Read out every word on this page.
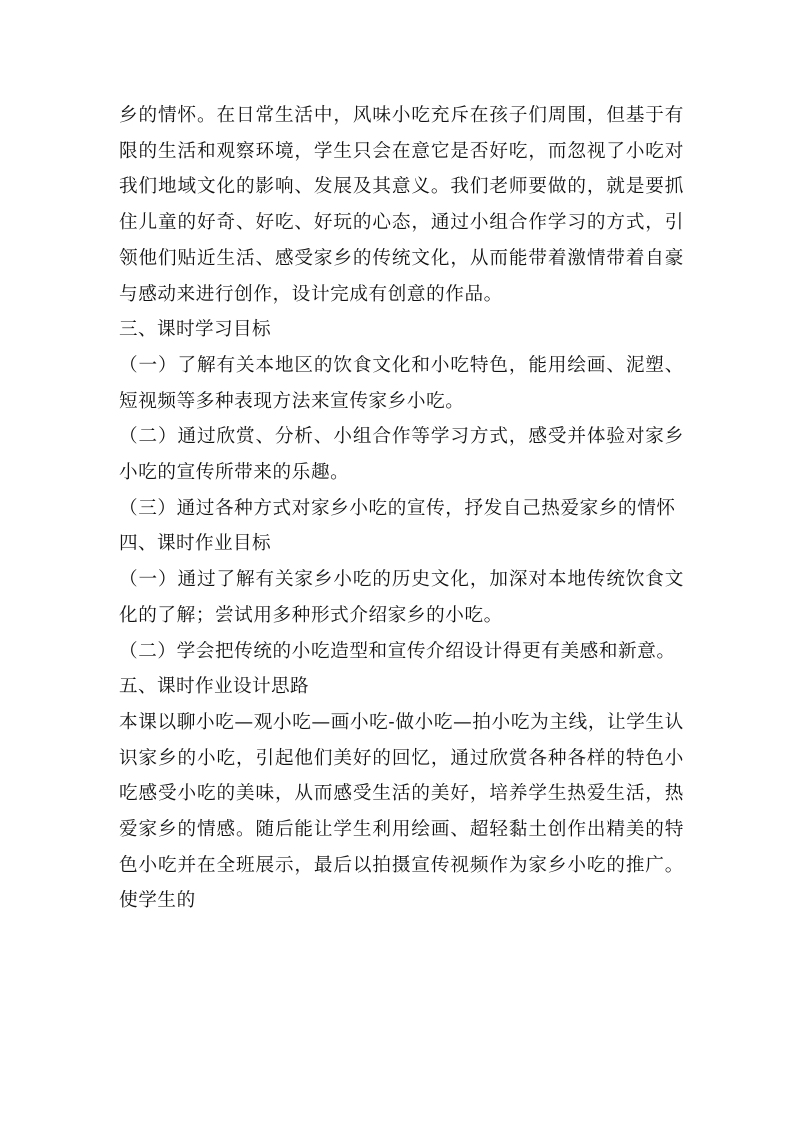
乡的情怀。在日常生活中，风味小吃充斥在孩子们周围，但基于有限的生活和观察环境，学生只会在意它是否好吃，而忽视了小吃对我们地域文化的影响、发展及其意义。我们老师要做的，就是要抓住儿童的好奇、好吃、好玩的心态，通过小组合作学习的方式，引领他们贴近生活、感受家乡的传统文化，从而能带着激情带着自豪与感动来进行创作，设计完成有创意的作品。

三、课时学习目标

（一）了解有关本地区的饮食文化和小吃特色，能用绘画、泥塑、短视频等多种表现方法来宣传家乡小吃。

（二）通过欣赏、分析、小组合作等学习方式，感受并体验对家乡小吃的宣传所带来的乐趣。

（三）通过各种方式对家乡小吃的宣传，抒发自己热爱家乡的情怀

四、课时作业目标

（一）通过了解有关家乡小吃的历史文化，加深对本地传统饮食文化的了解；尝试用多种形式介绍家乡的小吃。

（二）学会把传统的小吃造型和宣传介绍设计得更有美感和新意。

五、课时作业设计思路

本课以聊小吃—观小吃—画小吃-做小吃—拍小吃为主线，让学生认识家乡的小吃，引起他们美好的回忆，通过欣赏各种各样的特色小吃感受小吃的美味，从而感受生活的美好，培养学生热爱生活，热爱家乡的情感。随后能让学生利用绘画、超轻黏土创作出精美的特色小吃并在全班展示，最后以拍摄宣传视频作为家乡小吃的推广。使学生的
